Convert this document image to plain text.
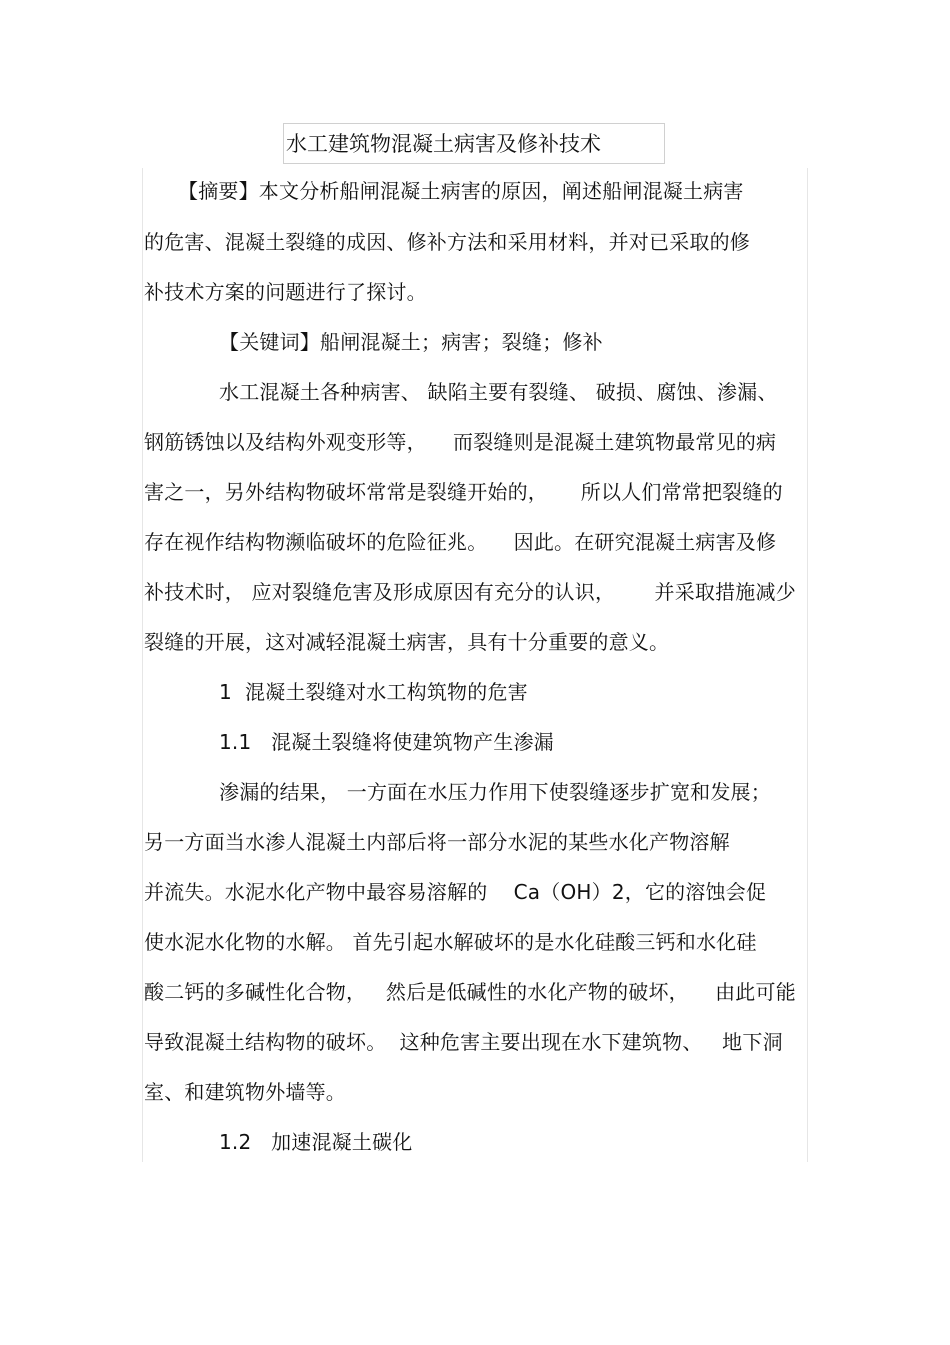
水工建筑物混凝土病害及修补技术
【摘要】本文分析船闸混凝土病害的原因，阐述船闸混凝土病害
的危害、混凝土裂缝的成因、修补方法和采用材料，并对已采取的修
补技术方案的问题进行了探讨。
【关键词】船闸混凝土；病害；裂缝；修补
水工混凝土各种病害、 缺陷主要有裂缝、 破损、腐蚀、渗漏、
钢筋锈蚀以及结构外观变形等，    而裂缝则是混凝土建筑物最常见的病
害之一，另外结构物破坏常常是裂缝开始的，     所以人们常常把裂缝的
存在视作结构物濒临破坏的危险征兆。    因此。在研究混凝土病害及修
补技术时， 应对裂缝危害及形成原因有充分的认识，      并采取措施减少
裂缝的开展，这对减轻混凝土病害，具有十分重要的意义。
1  混凝土裂缝对水工构筑物的危害
1.1   混凝土裂缝将使建筑物产生渗漏
渗漏的结果， 一方面在水压力作用下使裂缝逐步扩宽和发展；
另一方面当水渗人混凝土内部后将一部分水泥的某些水化产物溶解
并流失。水泥水化产物中最容易溶解的    Ca（OH）2，它的溶蚀会促
使水泥水化物的水解。 首先引起水解破坏的是水化硅酸三钙和水化硅
酸二钙的多碱性化合物，   然后是低碱性的水化产物的破坏，    由此可能
导致混凝土结构物的破坏。  这种危害主要出现在水下建筑物、   地下洞
室、和建筑物外墙等。
1.2   加速混凝土碳化
